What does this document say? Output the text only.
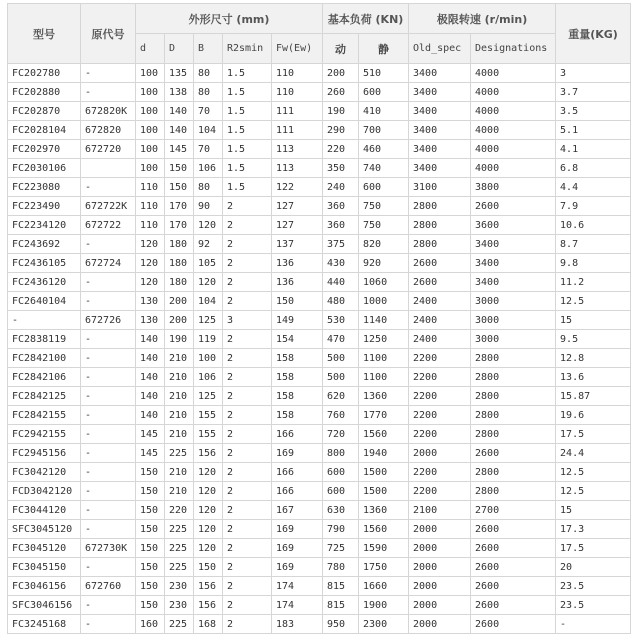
型号	原代号	外形尺寸 (mm)					基本负荷 (KN)		极限转速 (r/min)		重量(KG)
		d	D	B	R2smin	Fw(Ew)	动	静	Old_spec	Designations	
FC202780	-	100	135	80	1.5	110	200	510	3400	4000	3
FC202880	-	100	138	80	1.5	110	260	600	3400	4000	3.7
FC202870	672820K	100	140	70	1.5	111	190	410	3400	4000	3.5
FC2028104	672820	100	140	104	1.5	111	290	700	3400	4000	5.1
FC202970	672720	100	145	70	1.5	113	220	460	3400	4000	4.1
FC2030106		100	150	106	1.5	113	350	740	3400	4000	6.8
FC223080	-	110	150	80	1.5	122	240	600	3100	3800	4.4
FC223490	672722K	110	170	90	2	127	360	750	2800	2600	7.9
FC2234120	672722	110	170	120	2	127	360	750	2800	3600	10.6
FC243692	-	120	180	92	2	137	375	820	2800	3400	8.7
FC2436105	672724	120	180	105	2	136	430	920	2600	3400	9.8
FC2436120	-	120	180	120	2	136	440	1060	2600	3400	11.2
FC2640104	-	130	200	104	2	150	480	1000	2400	3000	12.5
-	672726	130	200	125	3	149	530	1140	2400	3000	15
FC2838119	-	140	190	119	2	154	470	1250	2400	3000	9.5
FC2842100	-	140	210	100	2	158	500	1100	2200	2800	12.8
FC2842106	-	140	210	106	2	158	500	1100	2200	2800	13.6
FC2842125	-	140	210	125	2	158	620	1360	2200	2800	15.87
FC2842155	-	140	210	155	2	158	760	1770	2200	2800	19.6
FC2942155	-	145	210	155	2	166	720	1560	2200	2800	17.5
FC2945156	-	145	225	156	2	169	800	1940	2000	2600	24.4
FC3042120	-	150	210	120	2	166	600	1500	2200	2800	12.5
FCD3042120	-	150	210	120	2	166	600	1500	2200	2800	12.5
FC3044120	-	150	220	120	2	167	630	1360	2100	2700	15
SFC3045120	-	150	225	120	2	169	790	1560	2000	2600	17.3
FC3045120	672730K	150	225	120	2	169	725	1590	2000	2600	17.5
FC3045150	-	150	225	150	2	169	780	1750	2000	2600	20
FC3046156	672760	150	230	156	2	174	815	1660	2000	2600	23.5
SFC3046156	-	150	230	156	2	174	815	1900	2000	2600	23.5
FC3245168	-	160	225	168	2	183	950	2300	2000	2600	-
